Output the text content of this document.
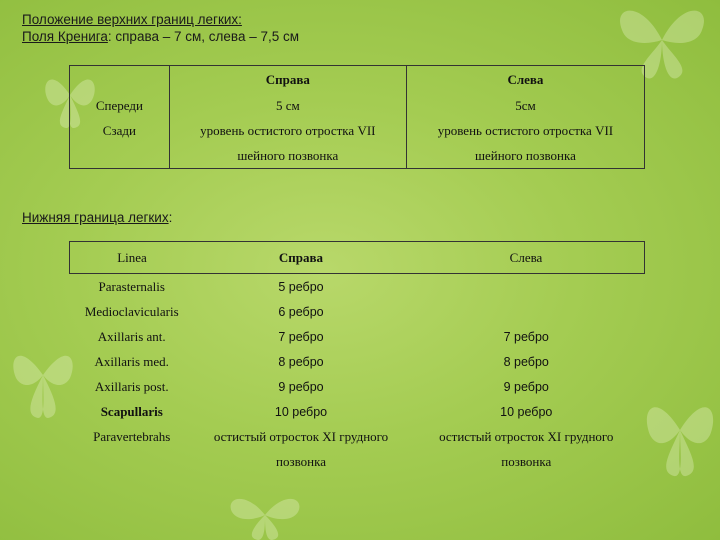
Положение верхних границ легких:
Поля Кренига: справа – 7 см, слева – 7,5 см
	Справа	Слева
Спереди	5 см	5см
Сзади	уровень остистого отростка VII	уровень остистого отростка VII
	шейного позвонка	шейного позвонка
Нижняя граница легких:
Linea	Справа	Слева
Parasternalis	5 ребро	
Medioclavicularis	6 ребро	
Axillaris ant.	7 ребро	7 ребро
Axillaris med.	8 ребро	8 ребро
Axillaris post.	9 ребро	9 ребро
Scapullaris	10 ребро	10 ребро
Paravertebrahs	остистый отросток XI грудного	остистый отросток XI грудного
	позвонка	позвонка
